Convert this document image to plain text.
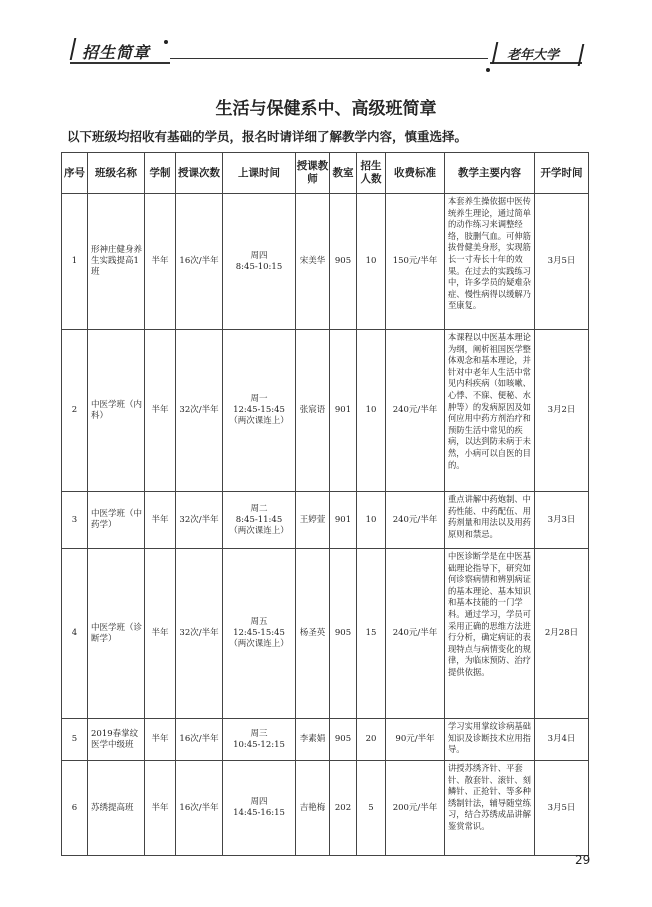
招生简章	老年大学
生活与保健系中、高级班简章
以下班级均招收有基础的学员，报名时请详细了解教学内容，慎重选择。
序号	班级名称	学制	授课次数	上课时间	授课教师	教室	招生人数	收费标准	教学主要内容	开学时间
1	形神庄健身养生实践提高1班	半年	16次/半年	周四
8:45-10:15	宋美华	905	10	150元/半年	本套养生操依据中医传统养生理论，通过简单的动作练习来调整经络，肢删气血。可伸筋拔骨健美身形，实现筋长一寸寿长十年的效果。在过去的实践练习中，许多学员的疑难杂症、慢性病得以缓解乃至康复。	3月5日
2	中医学班（内科）	半年	32次/半年	周一
12:45-15:45
（两次课连上）	张宸语	901	10	240元/半年	本课程以中医基本理论为纲，阐析祖国医学整体观念和基本理论，并针对中老年人生活中常见内科疾病（如咳嗽、心悸、不寐、便秘、水肿等）的发病原因及如何应用中药方剂治疗和预防生活中常见的疾病，以达到防未病于未然，小病可以自医的目的。	3月2日
3	中医学班（中药学）	半年	32次/半年	周二
8:45-11:45
（两次课连上）	王婷萱	901	10	240元/半年	重点讲解中药炮制、中药性能、中药配伍、用药剂量和用法以及用药原则和禁忌。	3月3日
4	中医学班（诊断学）	半年	32次/半年	周五
12:45-15:45
（两次课连上）	杨圣英	905	15	240元/半年	中医诊断学是在中医基础理论指导下，研究如何诊察病情和辨别病证的基本理论、基本知识和基本技能的一门学科。通过学习，学员可采用正确的思维方法进行分析，确定病证的表现特点与病情变化的规律，为临床预防、治疗提供依据。	2月28日
5	2019春掌纹医学中级班	半年	16次/半年	周三
10:45-12:15	李素娟	905	20	90元/半年	学习实用掌纹诊病基础知识及诊断技术应用指导。	3月4日
6	苏绣提高班	半年	16次/半年	周四
14:45-16:15	吉艳梅	202	5	200元/半年	讲授苏绣齐针、平套针、散套针、滚针、刻鳞针、正抢针、等多种绣制针法，辅导随堂练习，结合苏绣成品讲解鉴赏常识。	3月5日
29
